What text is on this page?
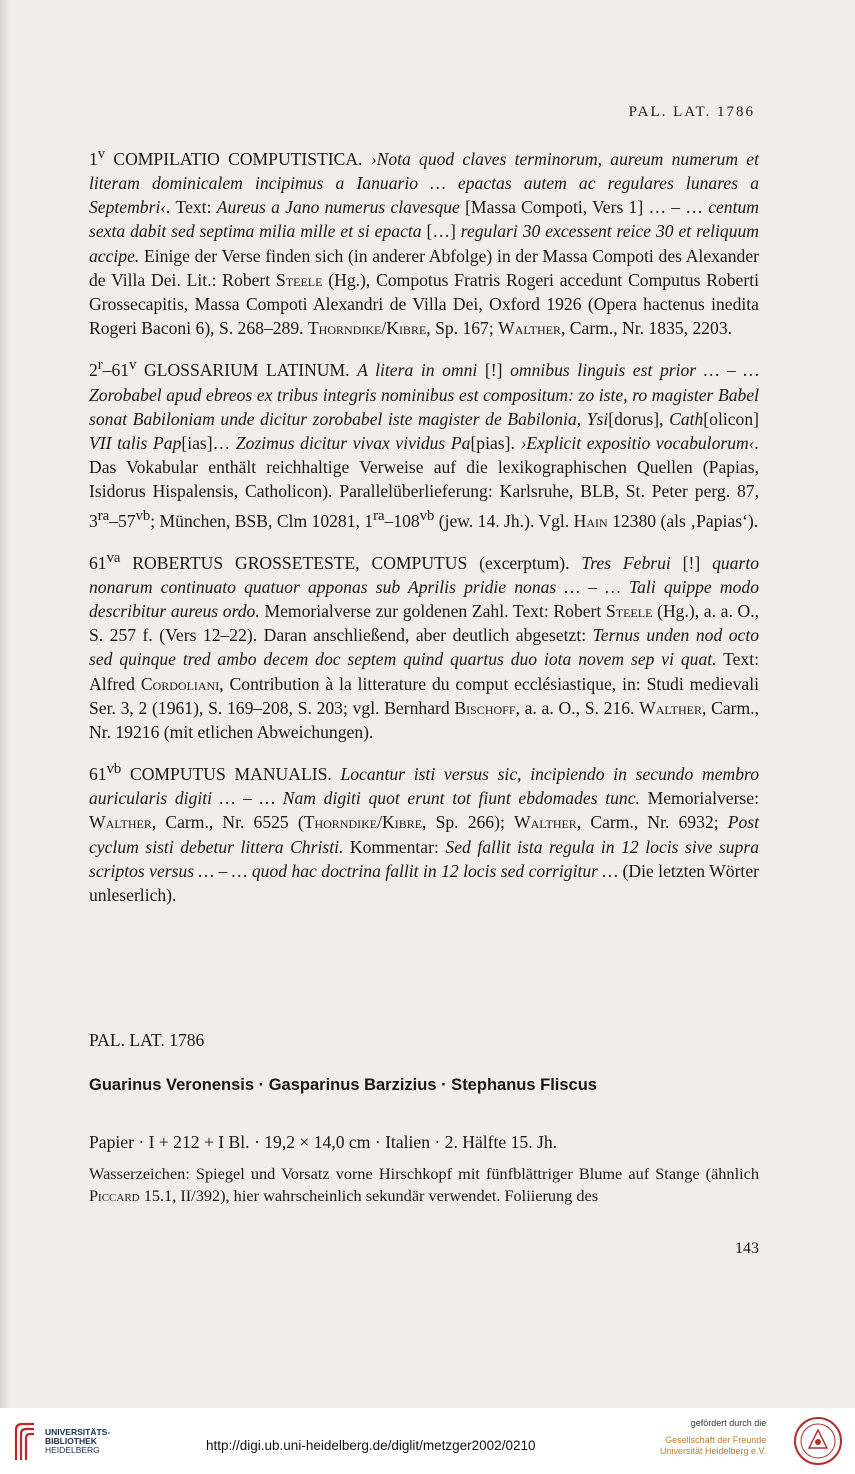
PAL. LAT. 1786

1$^v$ COMPILATIO COMPUTISTICA. ›Nota quod claves terminorum, aureum numerum et literam dominicalem incipimus a Ianuario … epactas autem ac regulares lunares a Septembri‹. Text: Aureus a Jano numerus clavesque [Massa Compoti, Vers 1] … – … centum sexta dabit sed septima milia mille et si epacta […] regulari 30 excessent reice 30 et reliquum accipe. Einige der Verse finden sich (in anderer Abfolge) in der Massa Compoti des Alexander de Villa Dei. Lit.: Robert Steele (Hg.), Compotus Fratris Rogeri accedunt Computus Roberti Grossecapitis, Massa Compoti Alexandri de Villa Dei, Oxford 1926 (Opera hactenus inedita Rogeri Baconi 6), S. 268–289. Thorndike/Kibre, Sp. 167; Walther, Carm., Nr. 1835, 2203.

2$^r$–61$^v$ GLOSSARIUM LATINUM. A litera in omni [!] omnibus linguis est prior … – … Zorobabel apud ebreos ex tribus integris nominibus est compositum: zo iste, ro magister Babel sonat Babiloniam unde dicitur zorobabel iste magister de Babilonia, Ysi[dorus], Cath[olicon] VII talis Pap[ias]… Zozimus dicitur vivax vividus Pa[pias]. ›Explicit expositio vocabulorum‹. Das Vokabular enthält reichhaltige Verweise auf die lexikographischen Quellen (Papias, Isidorus Hispalensis, Catholicon). Parallelüberlieferung: Karlsruhe, BLB, St. Peter perg. 87, $3^{ra}-57^{vb}$; München, BSB, Clm 10281, $1^{ra}-108^{vb}$ (jew. 14. Jh.). Vgl. Hain 12380 (als ‚Papias‘).

$61^{va}$ ROBERTUS GROSSETESTE, COMPUTUS (excerptum). Tres Februi [!] quarto nonarum continuato quatuor apponas sub Aprilis pridie nonas … – … Tali quippe modo describitur aureus ordo. Memorialverse zur goldenen Zahl. Text: Robert Steele (Hg.), a. a. O., S. 257 f. (Vers 12–22). Daran anschließend, aber deutlich abgesetzt: Ternus unden nod octo sed quinque tred ambo decem doc septem quind quartus duo iota novem sep vi quat. Text: Alfred Cordoliani, Contribution à la litterature du comput ecclésiastique, in: Studi medievali Ser. 3, 2 (1961), S. 169–208, S. 203; vgl. Bernhard Bischoff, a. a. O., S. 216. Walther, Carm., Nr. 19216 (mit etlichen Abweichungen).

$61^{vb}$ COMPUTUS MANUALIS. Locantur isti versus sic, incipiendo in secundo membro auricularis digiti … – … Nam digiti quot erunt tot fiunt ebdomades tunc. Memorialverse: Walther, Carm., Nr. 6525 (Thorndike/Kibre, Sp. 266); Walther, Carm., Nr. 6932; Post cyclum sisti debetur littera Christi. Kommentar: Sed fallit ista regula in 12 locis sive supra scriptos versus … – … quod hac doctrina fallit in 12 locis sed corrigitur … (Die letzten Wörter unleserlich).

PAL. LAT. 1786
Guarinus Veronensis · Gasparinus Barzizius · Stephanus Fliscus
Papier · I + 212 + I Bl. · 19,2 × 14,0 cm · Italien · 2. Hälfte 15. Jh.
Wasserzeichen: Spiegel und Vorsatz vorne Hirschkopf mit fünfblättriger Blume auf Stange (ähnlich Piccard 15.1, II/392), hier wahrscheinlich sekundär verwendet. Foliierung des
143
UNIVERSITÄTS-
BIBLIOTHEK
HEIDELBERG	http://digi.ub.uni-heidelberg.de/diglit/metzger2002/0210
gefördert durch die
Gesellschaft der Freunde
Universität Heidelberg e.V.
